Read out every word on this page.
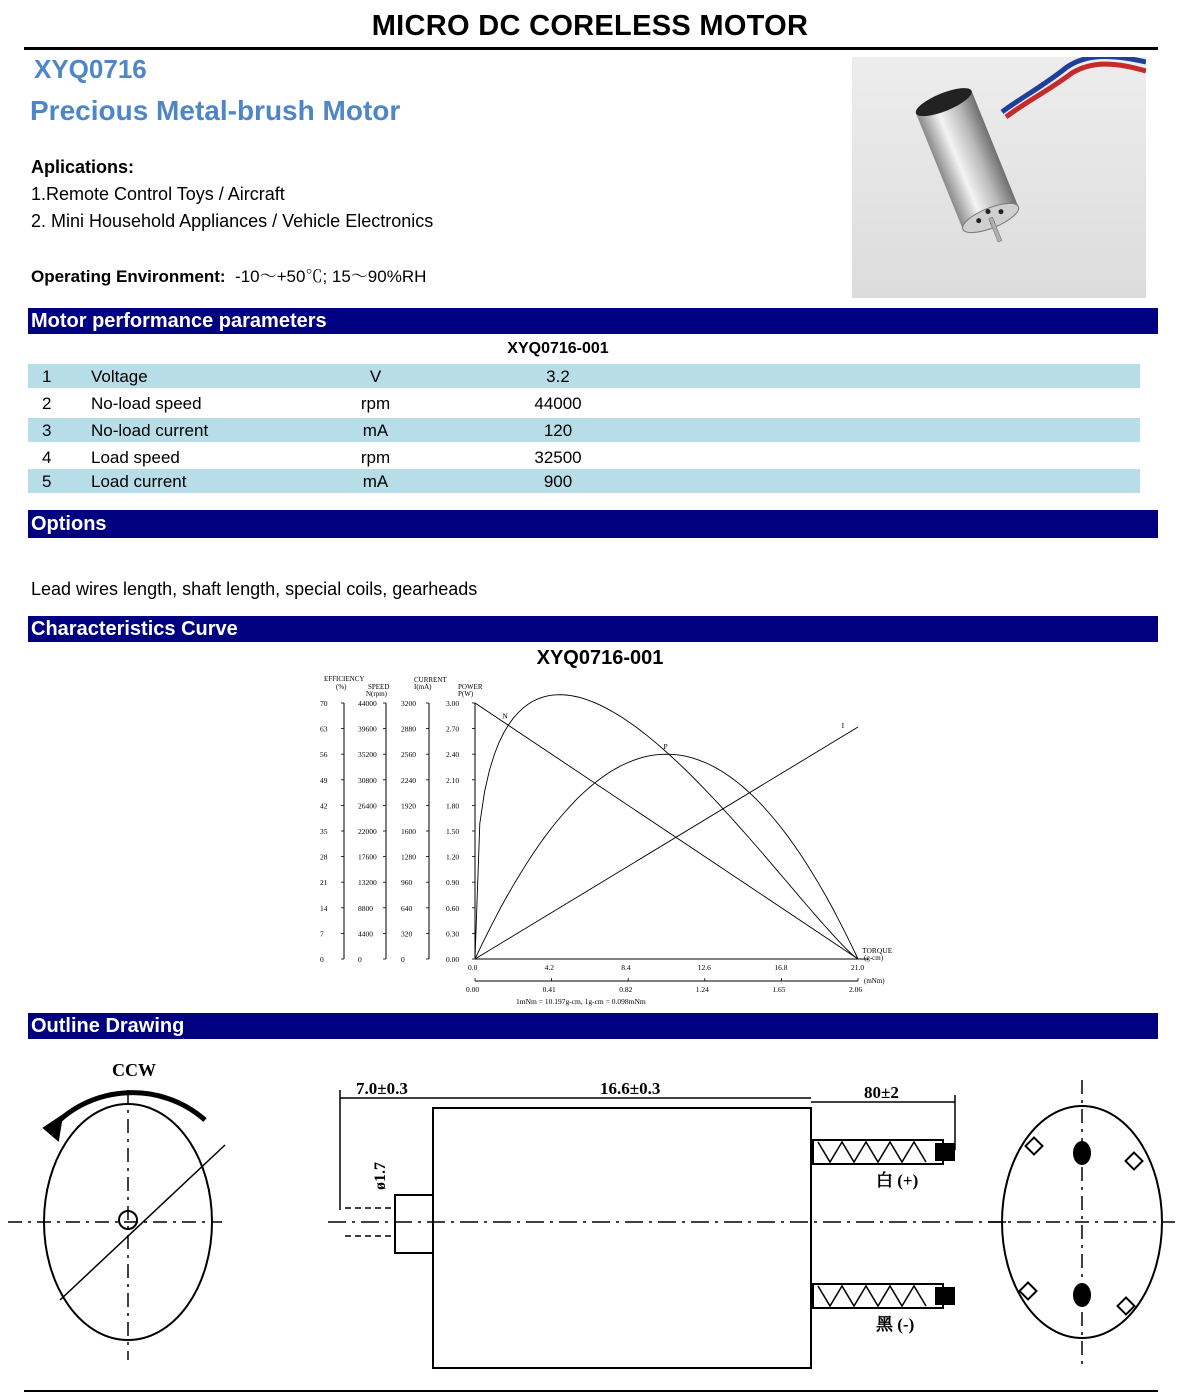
MICRO DC CORELESS MOTOR
XYQ0716
Precious Metal-brush Motor
Aplications:
1.Remote Control Toys / Aircraft
2. Mini Household Appliances / Vehicle Electronics
Operating Environment: -10～+50℃; 15～90%RH
Motor performance parameters
XYQ0716-001
1 Voltage	V	3.2
2 No-load speed	rpm	44000
3 No-load current	mA	120
4 Load speed	rpm	32500
5 Load current	mA	900
Options
Lead wires length, shaft length, special coils, gearheads
Characteristics Curve
XYQ0716-001
70
63
56
49
42
35
28
21
14
7
0
44000
39600
35200
30800
26400
22000
17600
13200
8800
4400
0
3200
2880
2560
2240
1920
1600
1280
960
640
320
0
3.00
2.70
2.40
2.10
1.80
1.50
1.20
0.90
0.60
0.30
0.00
0.0	4.2	8.4	12.6	16.8	21.0
0.00	0.41	0.82	1.24	1.65	2.06
EFFICIENCY
(%)	SPEED
N(rpm)
CURRENT
I(mA)	POWER
P(W)
TORQUE
(g-cm)
(mNm)
1mNm = 10.197g-cm, 1g-cm = 0.098mNm
N
I
P
Outline Drawing
CCW
7.0±0.3	16.6±0.3	80±2
ø1.7	白 (+)
黑 (-)
